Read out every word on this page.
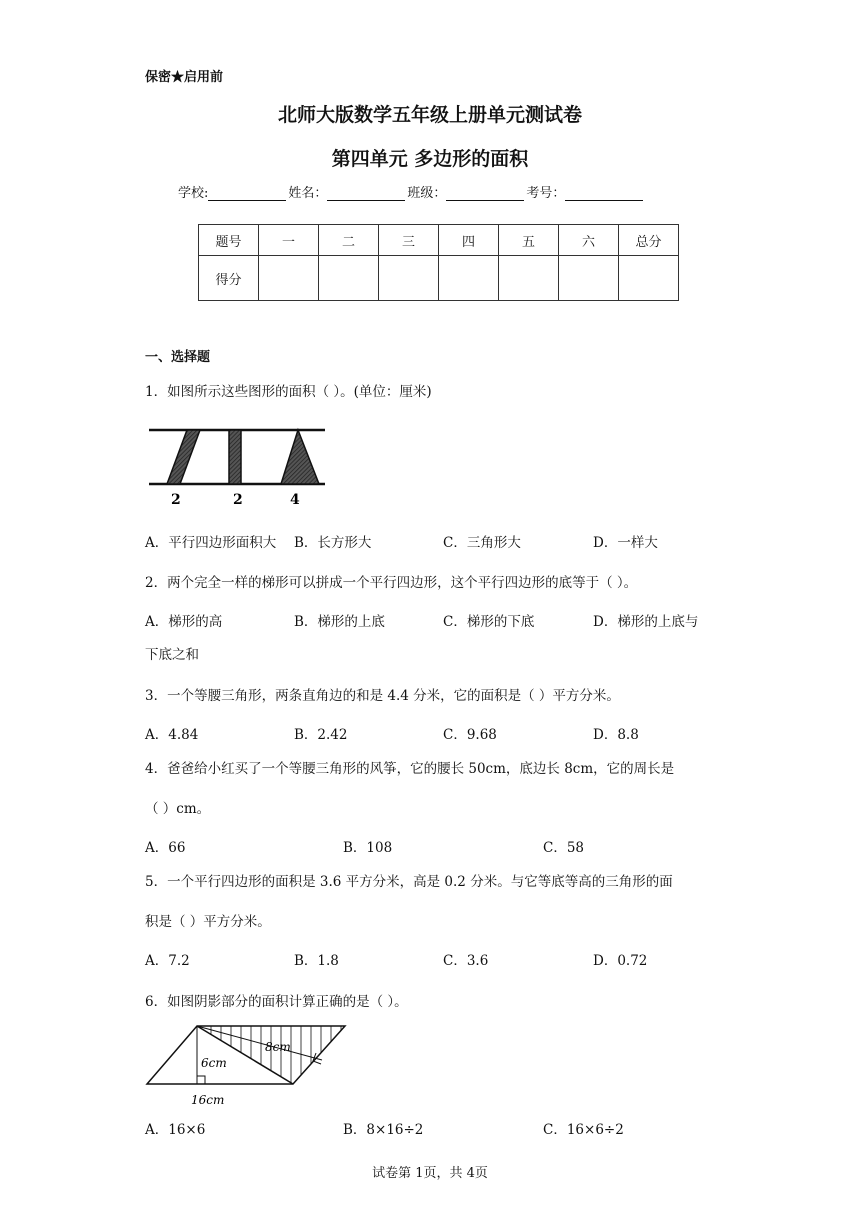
保密★启用前
北师大版数学五年级上册单元测试卷
第四单元 多边形的面积
学校:	姓名：	班级：	考号：
题号	一	二	三	四	五	六	总分
得分							
一、选择题
1．如图所示这些图形的面积（ ）。(单位：厘米)
2	2	4
A．平行四边形面积大 B．长方形大	C．三角形大	D．一样大
2．两个完全一样的梯形可以拼成一个平行四边形，这个平行四边形的底等于（ ）。
A．梯形的高	B．梯形的上底	C．梯形的下底	D．梯形的上底与
下底之和
3．一个等腰三角形，两条直角边的和是 4.4 分米，它的面积是（ ）平方分米。
A．4.84	B．2.42	C．9.68	D．8.8
4．爸爸给小红买了一个等腰三角形的风筝，它的腰长 50cm，底边长 8cm，它的周长是
（ ）cm。
A．66	B．108	C．58
5．一个平行四边形的面积是 3.6 平方分米，高是 0.2 分米。与它等底等高的三角形的面
积是（ ）平方分米。
A．7.2	B．1.8	C．3.6	D．0.72
6．如图阴影部分的面积计算正确的是（ ）。
8cm
6cm
16cm
A．16×6	B．8×16÷2	C．16×6÷2
试卷第 1页，共 4页
